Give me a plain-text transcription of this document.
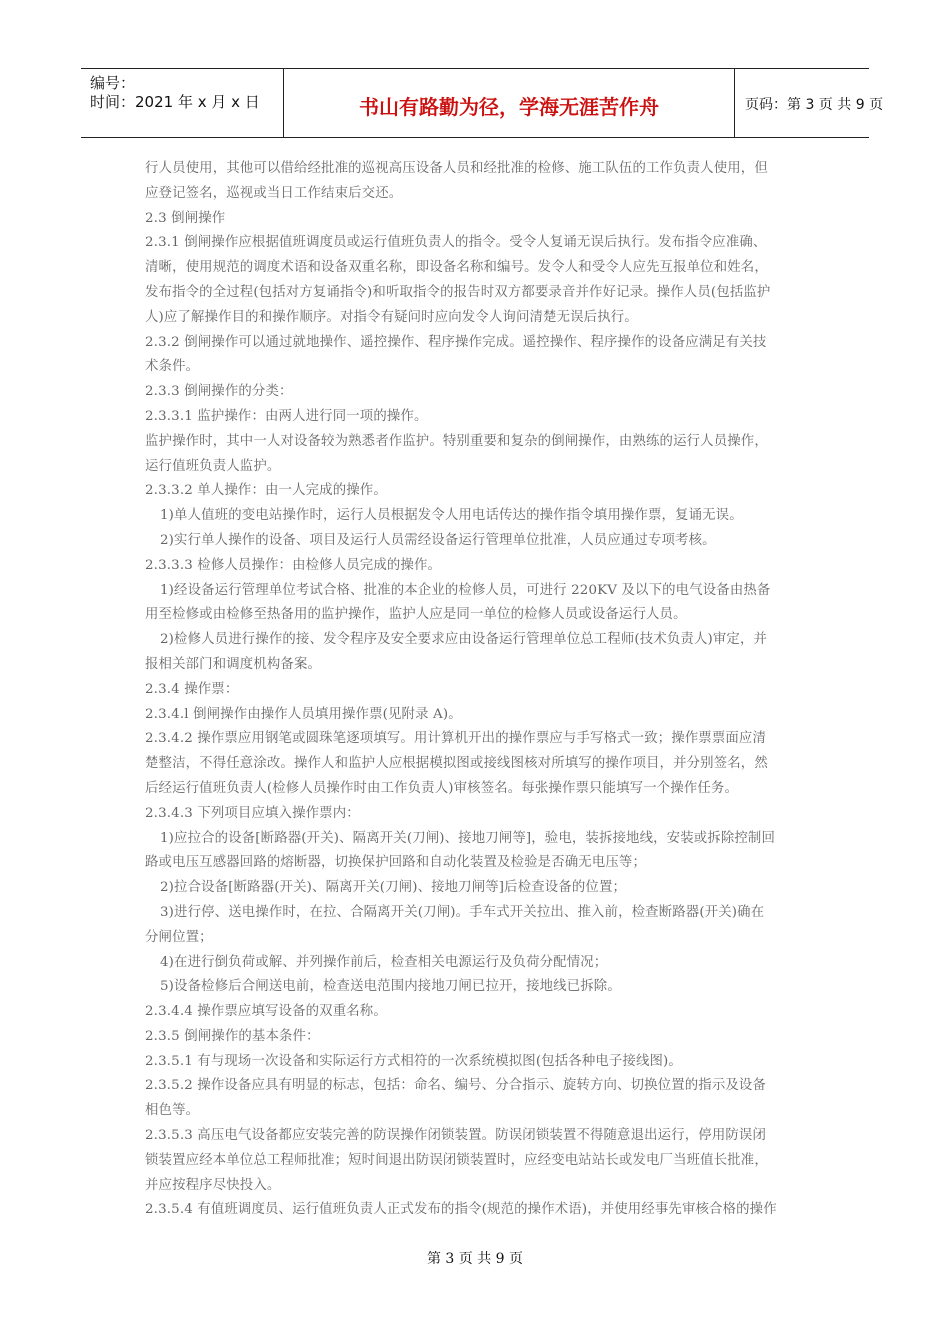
编号：
时间：2021 年 x 月 x 日	书山有路勤为径，学海无涯苦作舟	页码：第 3 页 共 9 页

行人员使用，其他可以借给经批准的巡视高压设备人员和经批准的检修、施工队伍的工作负责人使用，但

应登记签名，巡视或当日工作结束后交还。

2.3 倒闸操作

2.3.1 倒闸操作应根据值班调度员或运行值班负责人的指令。受令人复诵无误后执行。发布指令应准确、

清晰，使用规范的调度术语和设备双重名称，即设备名称和编号。发令人和受令人应先互报单位和姓名，

发布指令的全过程(包括对方复诵指令)和听取指令的报告时双方都要录音并作好记录。操作人员(包括监护

人)应了解操作目的和操作顺序。对指令有疑问时应向发令人询问清楚无误后执行。

2.3.2 倒闸操作可以通过就地操作、遥控操作、程序操作完成。遥控操作、程序操作的设备应满足有关技

术条件。

2.3.3 倒闸操作的分类：

2.3.3.1 监护操作：由两人进行同一项的操作。

监护操作时，其中一人对设备较为熟悉者作监护。特别重要和复杂的倒闸操作，由熟练的运行人员操作，

运行值班负责人监护。

2.3.3.2 单人操作：由一人完成的操作。

1)单人值班的变电站操作时，运行人员根据发令人用电话传达的操作指令填用操作票，复诵无误。

2)实行单人操作的设备、项目及运行人员需经设备运行管理单位批准，人员应通过专项考核。

2.3.3.3 检修人员操作：由检修人员完成的操作。

1)经设备运行管理单位考试合格、批准的本企业的检修人员，可进行 220KV 及以下的电气设备由热备

用至检修或由检修至热备用的监护操作，监护人应是同一单位的检修人员或设备运行人员。

2)检修人员进行操作的接、发令程序及安全要求应由设备运行管理单位总工程师(技术负责人)审定，并

报相关部门和调度机构备案。

2.3.4 操作票：

2.3.4.l 倒闸操作由操作人员填用操作票(见附录 A)。

2.3.4.2 操作票应用钢笔或圆珠笔逐项填写。用计算机开出的操作票应与手写格式一致；操作票票面应清

楚整洁，不得任意涂改。操作人和监护人应根据模拟图或接线图核对所填写的操作项目，并分别签名，然

后经运行值班负责人(检修人员操作时由工作负责人)审核签名。每张操作票只能填写一个操作任务。

2.3.4.3 下列项目应填入操作票内：

1)应拉合的设备[断路器(开关)、隔离开关(刀闸)、接地刀闸等]，验电，装拆接地线，安装或拆除控制回

路或电压互感器回路的熔断器，切换保护回路和自动化装置及检验是否确无电压等；

2)拉合设备[断路器(开关)、隔离开关(刀闸)、接地刀闸等]后检查设备的位置；

3)进行停、送电操作时，在拉、合隔离开关(刀闸)。手车式开关拉出、推入前，检查断路器(开关)确在

分闸位置；

4)在进行倒负荷或解、并列操作前后，检查相关电源运行及负荷分配情况；

5)设备检修后合闸送电前，检查送电范围内接地刀闸已拉开，接地线已拆除。

2.3.4.4 操作票应填写设备的双重名称。

2.3.5 倒闸操作的基本条件：

2.3.5.1 有与现场一次设备和实际运行方式相符的一次系统模拟图(包括各种电子接线图)。

2.3.5.2 操作设备应具有明显的标志，包括：命名、编号、分合指示、旋转方向、切换位置的指示及设备

相色等。

2.3.5.3 高压电气设备都应安装完善的防误操作闭锁装置。防误闭锁装置不得随意退出运行，停用防误闭

锁装置应经本单位总工程师批准；短时间退出防误闭锁装置时，应经变电站站长或发电厂当班值长批准，

并应按程序尽快投入。

2.3.5.4 有值班调度员、运行值班负责人正式发布的指令(规范的操作术语)，并使用经事先审核合格的操作

第 3 页 共 9 页
